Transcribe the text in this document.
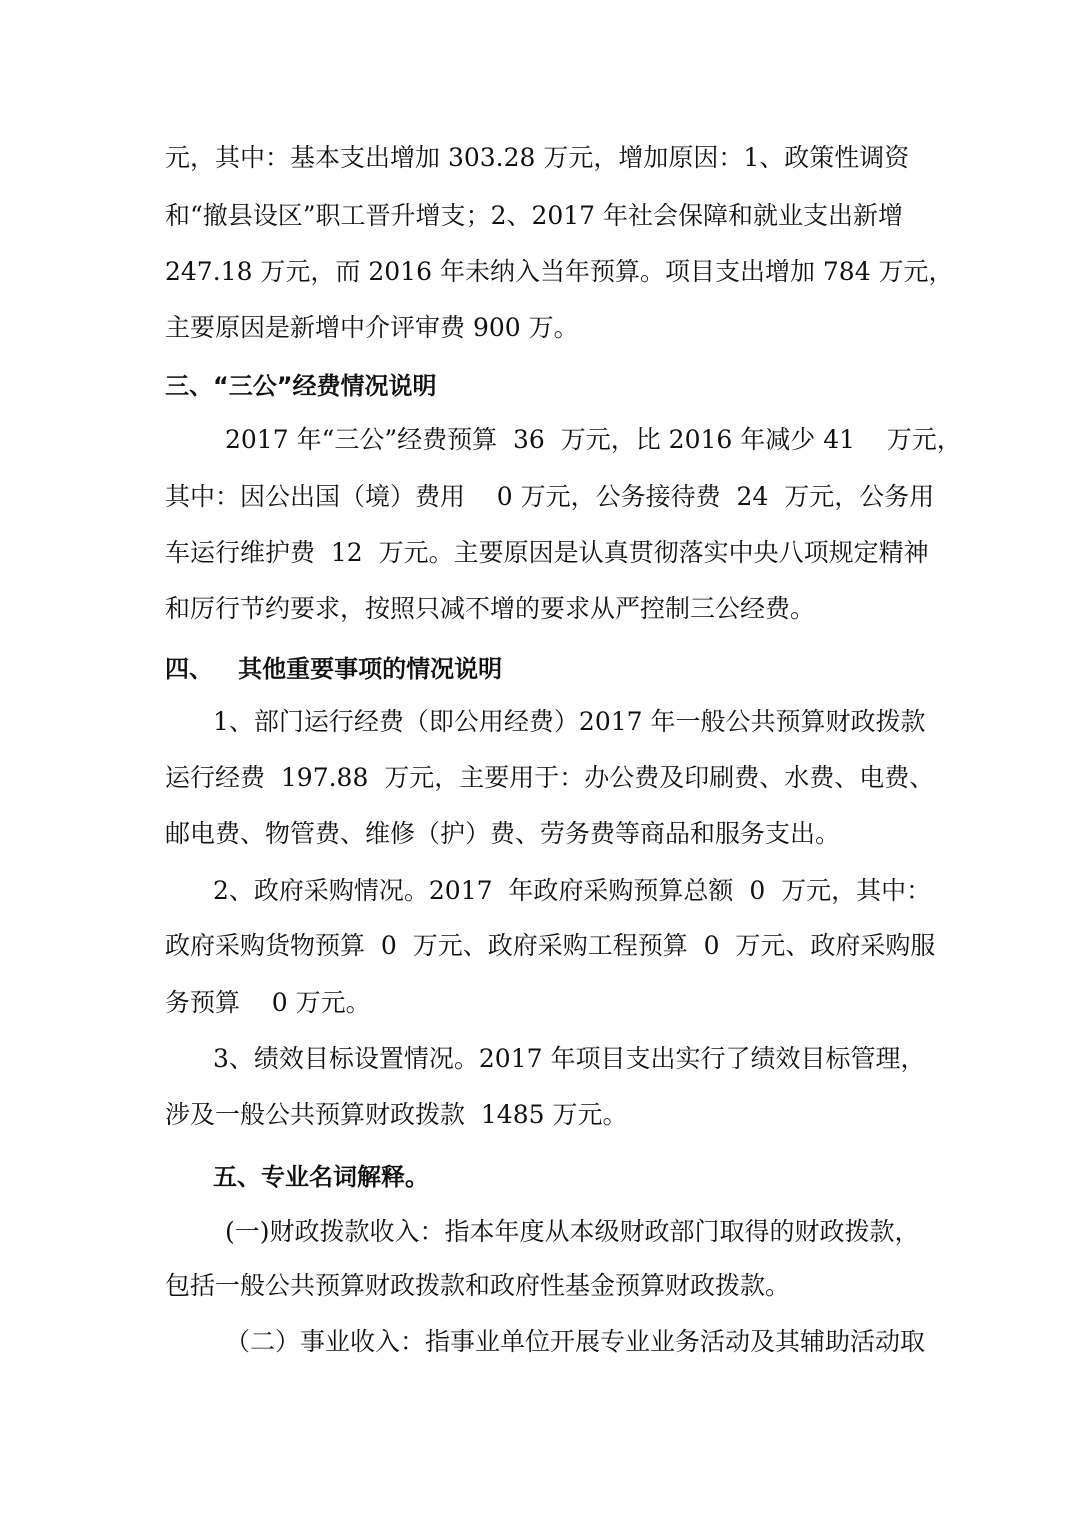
元，其中：基本支出增加 303.28 万元，增加原因：1、政策性调资
和“撤县设区”职工晋升增支；2、2017 年社会保障和就业支出新增
247.18 万元，而 2016 年未纳入当年预算。项目支出增加 784 万元，
主要原因是新增中介评审费 900 万。
三、“三公”经费情况说明
2017 年“三公”经费预算  36  万元，比 2016 年减少 41    万元，
其中：因公出国（境）费用    0 万元，公务接待费  24  万元，公务用
车运行维护费  12  万元。主要原因是认真贯彻落实中央八项规定精神
和厉行节约要求，按照只减不增的要求从严控制三公经费。
四、   其他重要事项的情况说明
1、部门运行经费（即公用经费）2017 年一般公共预算财政拨款
运行经费  197.88  万元，主要用于：办公费及印刷费、水费、电费、
邮电费、物管费、维修（护）费、劳务费等商品和服务支出。
2、政府采购情况。2017  年政府采购预算总额  0  万元，其中：
政府采购货物预算  0  万元、政府采购工程预算  0  万元、政府采购服
务预算    0 万元。
3、绩效目标设置情况。2017 年项目支出实行了绩效目标管理，
涉及一般公共预算财政拨款  1485 万元。
五、专业名词解释。
(一)财政拨款收入：指本年度从本级财政部门取得的财政拨款，
包括一般公共预算财政拨款和政府性基金预算财政拨款。
（二）事业收入：指事业单位开展专业业务活动及其辅助活动取
